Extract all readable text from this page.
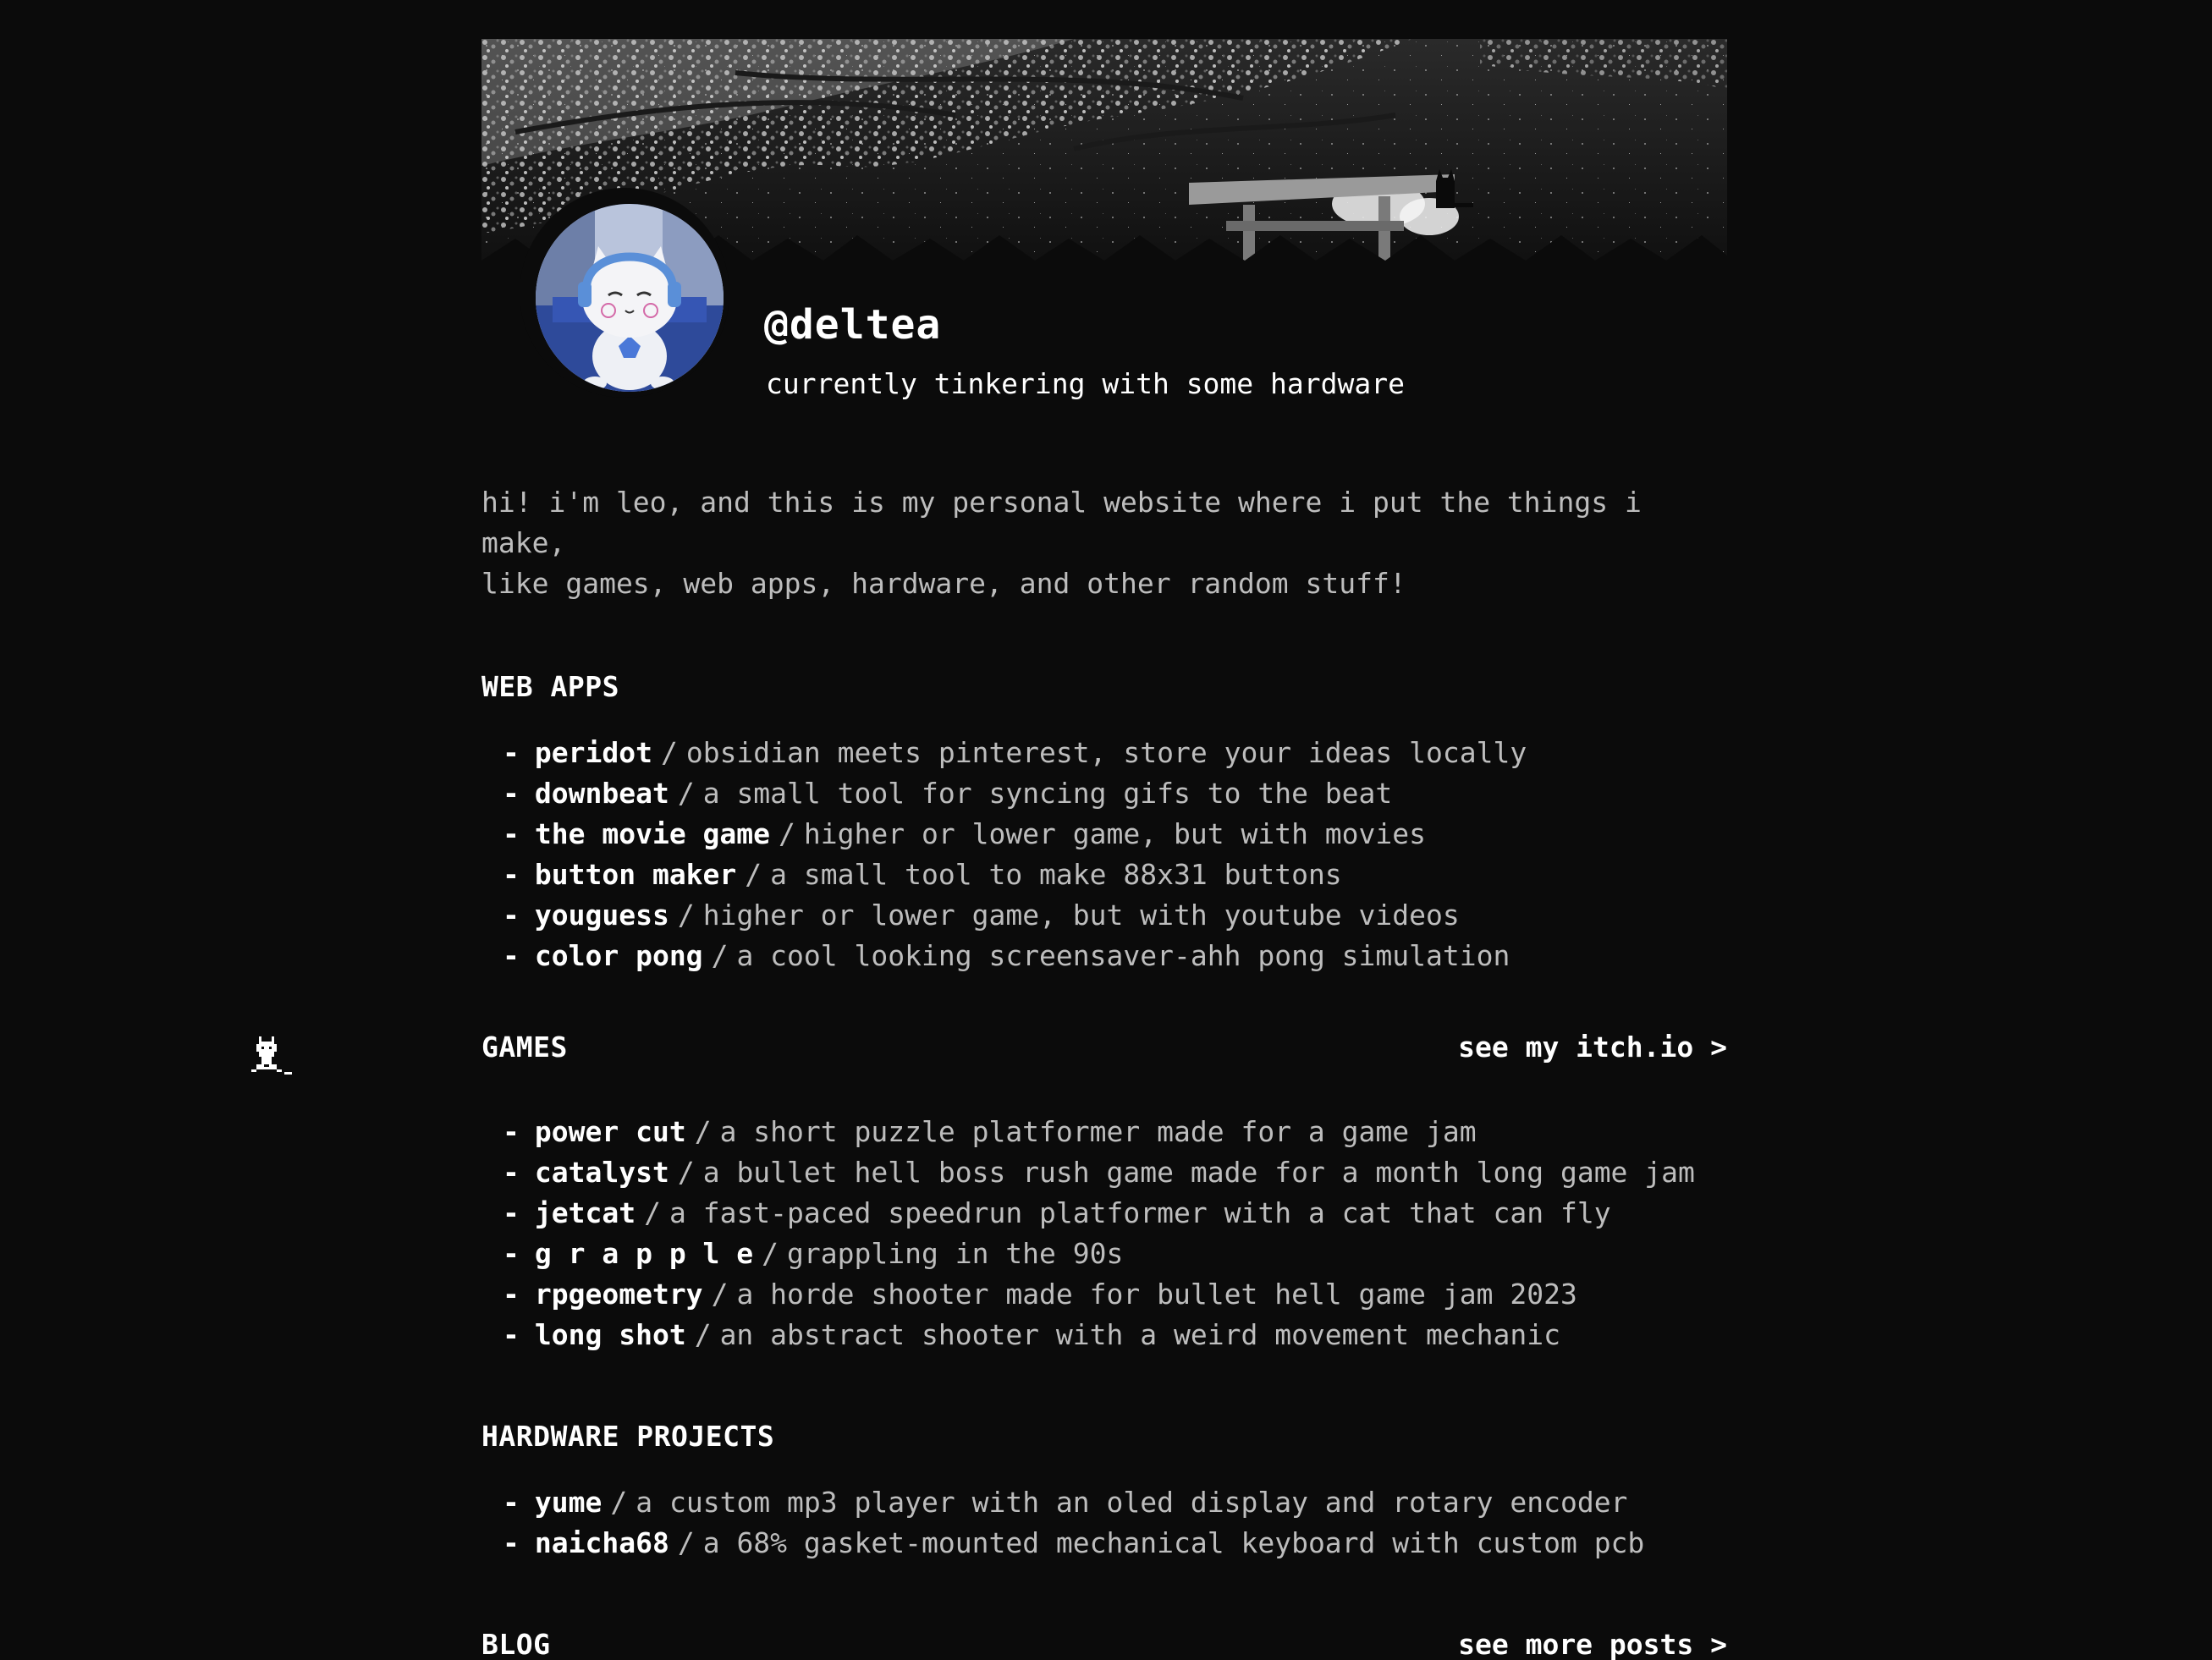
@deltea
currently tinkering with some hardware
hi! i'm leo, and this is my personal website where i put the things i make,
like games, web apps, hardware, and other random stuff!
WEB APPS
- peridot / obsidian meets pinterest, store your ideas locally
- downbeat / a small tool for syncing gifs to the beat
- the movie game / higher or lower game, but with movies
- button maker / a small tool to make 88x31 buttons
- youguess / higher or lower game, but with youtube videos
- color pong / a cool looking screensaver-ahh pong simulation
GAMES	see my itch.io >
- power cut / a short puzzle platformer made for a game jam
- catalyst / a bullet hell boss rush game made for a month long game jam
- jetcat / a fast-paced speedrun platformer with a cat that can fly
- g r a p p l e / grappling in the 90s
- rpgeometry / a horde shooter made for bullet hell game jam 2023
- long shot / an abstract shooter with a weird movement mechanic
HARDWARE PROJECTS
- yume / a custom mp3 player with an oled display and rotary encoder
- naicha68 / a 68% gasket-mounted mechanical keyboard with custom pcb
BLOG	see more posts >
